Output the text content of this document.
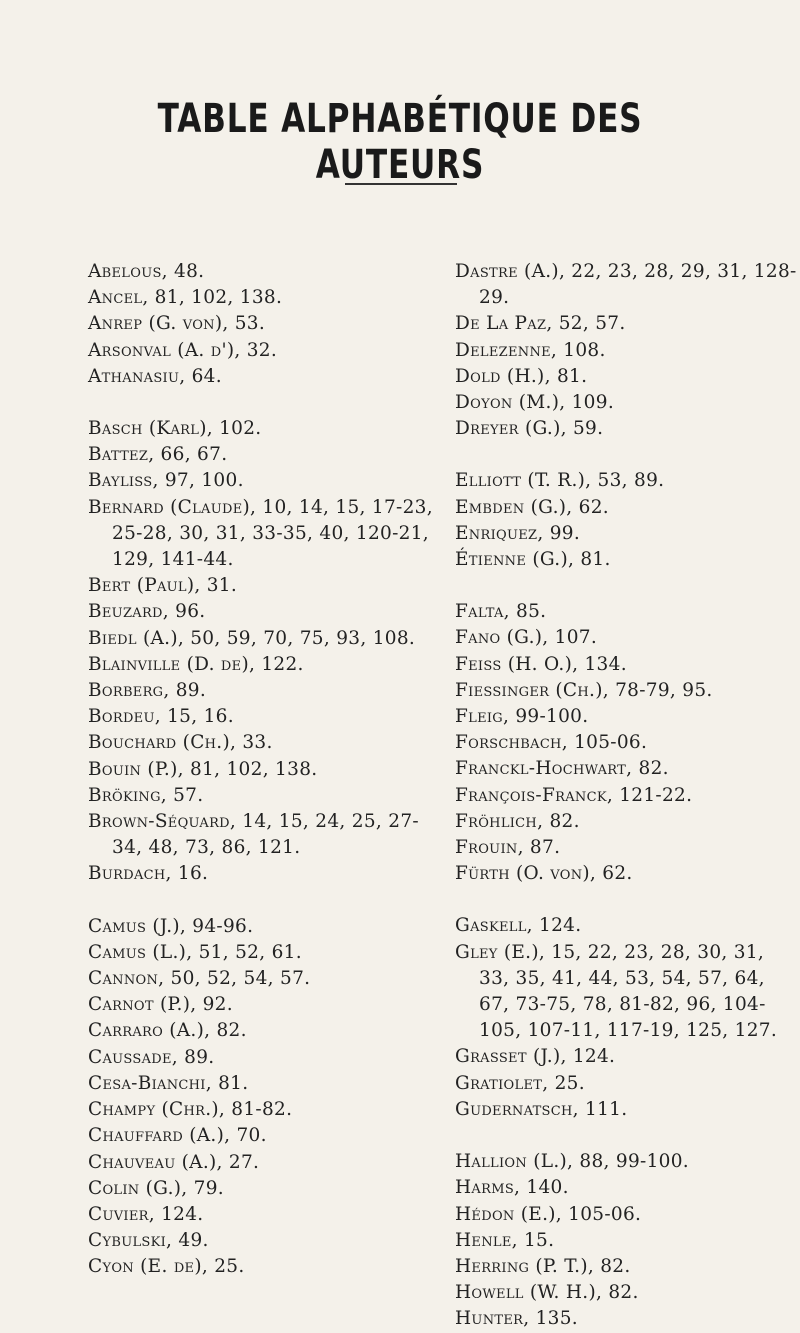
TABLE ALPHABÉTIQUE DES AUTEURS

Abelous, 48.

Ancel, 81, 102, 138.

Anrep (G. von), 53.

Arsonval (A. d'), 32.

Athanasiu, 64.

Basch (Karl), 102.

Battez, 66, 67.

Bayliss, 97, 100.

Bernard (Claude), 10, 14, 15, 17-23, 25-28, 30, 31, 33-35, 40, 120-21, 129, 141-44.

Bert (Paul), 31.

Beuzard, 96.

Biedl (A.), 50, 59, 70, 75, 93, 108.

Blainville (D. de), 122.

Borberg, 89.

Bordeu, 15, 16.

Bouchard (Ch.), 33.

Bouin (P.), 81, 102, 138.

Bröking, 57.

Brown-Séquard, 14, 15, 24, 25, 27-34, 48, 73, 86, 121.

Burdach, 16.

Camus (J.), 94-96.

Camus (L.), 51, 52, 61.

Cannon, 50, 52, 54, 57.

Carnot (P.), 92.

Carraro (A.), 82.

Caussade, 89.

Cesa-Bianchi, 81.

Champy (Chr.), 81-82.

Chauffard (A.), 70.

Chauveau (A.), 27.

Colin (G.), 79.

Cuvier, 124.

Cybulski, 49.

Cyon (E. de), 25.

Dastre (A.), 22, 23, 28, 29, 31, 128-29.

De La Paz, 52, 57.

Delezenne, 108.

Dold (H.), 81.

Doyon (M.), 109.

Dreyer (G.), 59.

Elliott (T. R.), 53, 89.

Embden (G.), 62.

Enriquez, 99.

Étienne (G.), 81.

Falta, 85.

Fano (G.), 107.

Feiss (H. O.), 134.

Fiessinger (Ch.), 78-79, 95.

Fleig, 99-100.

Forschbach, 105-06.

Franckl-Hochwart, 82.

François-Franck, 121-22.

Fröhlich, 82.

Frouin, 87.

Fürth (O. von), 62.

Gaskell, 124.

Gley (E.), 15, 22, 23, 28, 30, 31, 33, 35, 41, 44, 53, 54, 57, 64, 67, 73-75, 78, 81-82, 96, 104-105, 107-11, 117-19, 125, 127.

Grasset (J.), 124.

Gratiolet, 25.

Gudernatsch, 111.

Hallion (L.), 88, 99-100.

Harms, 140.

Hédon (E.), 105-06.

Henle, 15.

Herring (P. T.), 82.

Howell (W. H.), 82.

Hunter, 135.
